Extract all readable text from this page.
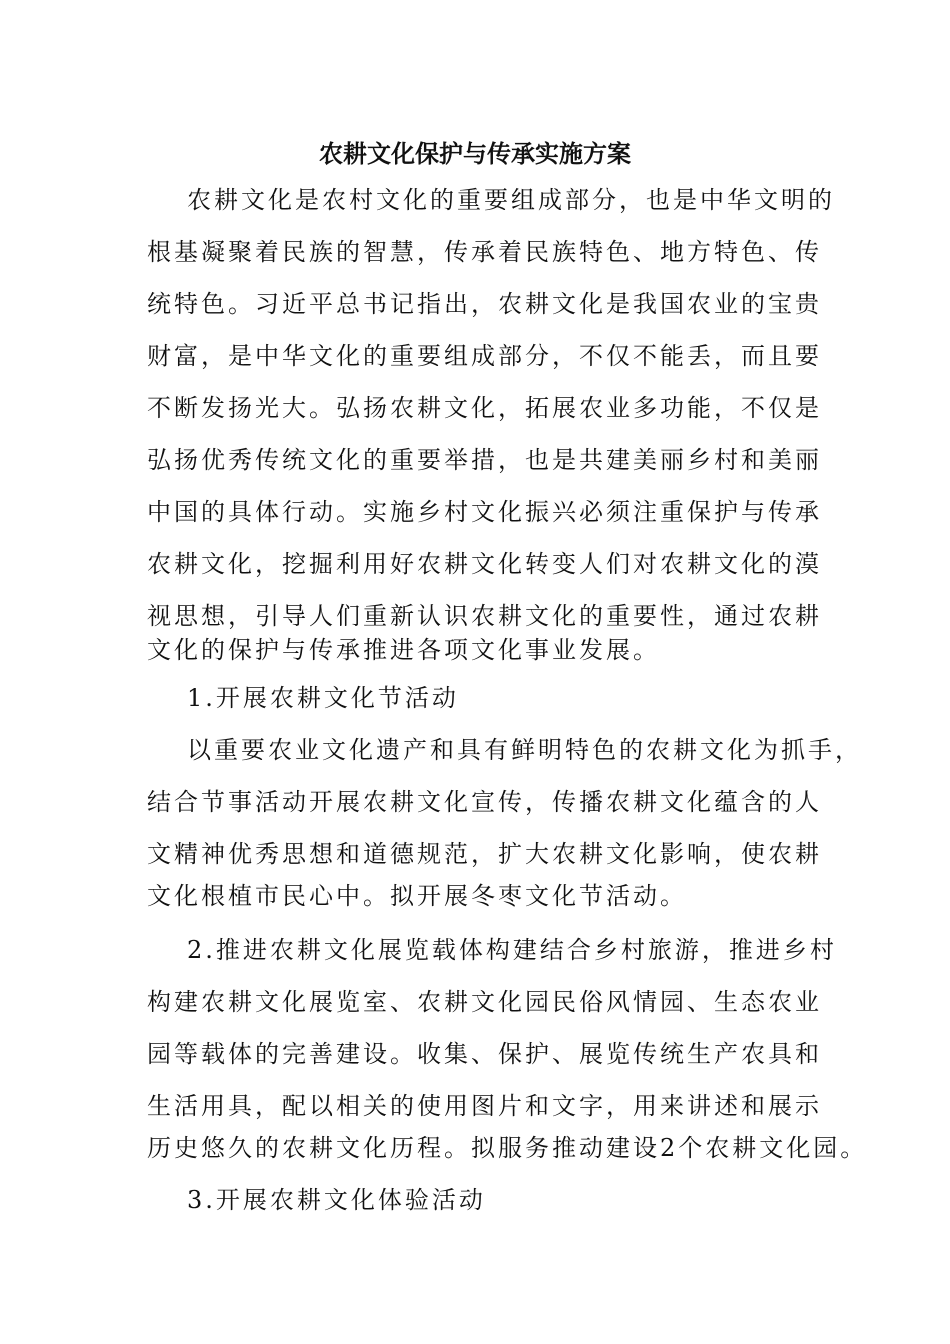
农耕文化保护与传承实施方案
农耕文化是农村文化的重要组成部分，也是中华文明的
根基凝聚着民族的智慧，传承着民族特色、地方特色、传
统特色。习近平总书记指出，农耕文化是我国农业的宝贵
财富，是中华文化的重要组成部分，不仅不能丢，而且要
不断发扬光大。弘扬农耕文化，拓展农业多功能，不仅是
弘扬优秀传统文化的重要举措，也是共建美丽乡村和美丽
中国的具体行动。实施乡村文化振兴必须注重保护与传承
农耕文化，挖掘利用好农耕文化转变人们对农耕文化的漠
视思想，引导人们重新认识农耕文化的重要性，通过农耕
文化的保护与传承推进各项文化事业发展。
1.开展农耕文化节活动
以重要农业文化遗产和具有鲜明特色的农耕文化为抓手，
结合节事活动开展农耕文化宣传，传播农耕文化蕴含的人
文精神优秀思想和道德规范，扩大农耕文化影响，使农耕
文化根植市民心中。拟开展冬枣文化节活动。
2.推进农耕文化展览载体构建结合乡村旅游，推进乡村
构建农耕文化展览室、农耕文化园民俗风情园、生态农业
园等载体的完善建设。收集、保护、展览传统生产农具和
生活用具，配以相关的使用图片和文字，用来讲述和展示
历史悠久的农耕文化历程。拟服务推动建设2个农耕文化园。
3.开展农耕文化体验活动
